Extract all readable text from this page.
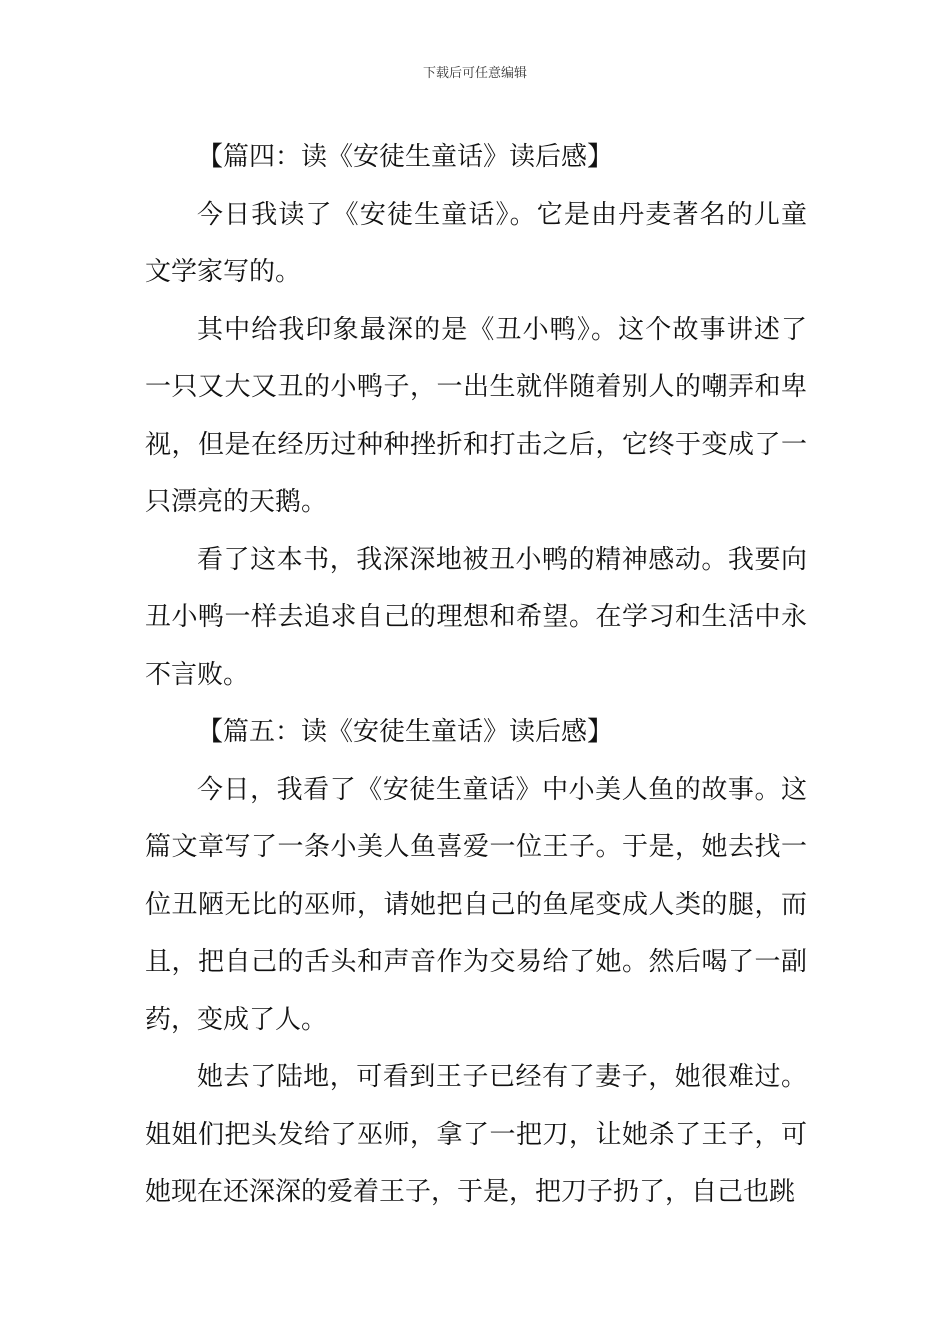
下载后可任意编辑

【篇四：读《安徒生童话》读后感】

今日我读了《安徒生童话》。它是由丹麦著名的儿童文学家写的。

其中给我印象最深的是《丑小鸭》。这个故事讲述了一只又大又丑的小鸭子，一出生就伴随着别人的嘲弄和卑视，但是在经历过种种挫折和打击之后，它终于变成了一只漂亮的天鹅。

看了这本书，我深深地被丑小鸭的精神感动。我要向丑小鸭一样去追求自己的理想和希望。在学习和生活中永不言败。

【篇五：读《安徒生童话》读后感】

今日，我看了《安徒生童话》中小美人鱼的故事。这篇文章写了一条小美人鱼喜爱一位王子。于是，她去找一位丑陋无比的巫师，请她把自己的鱼尾变成人类的腿，而且，把自己的舌头和声音作为交易给了她。然后喝了一副药，变成了人。

她去了陆地，可看到王子已经有了妻子，她很难过。姐姐们把头发给了巫师，拿了一把刀，让她杀了王子，可她现在还深深的爱着王子，于是，把刀子扔了，自己也跳
